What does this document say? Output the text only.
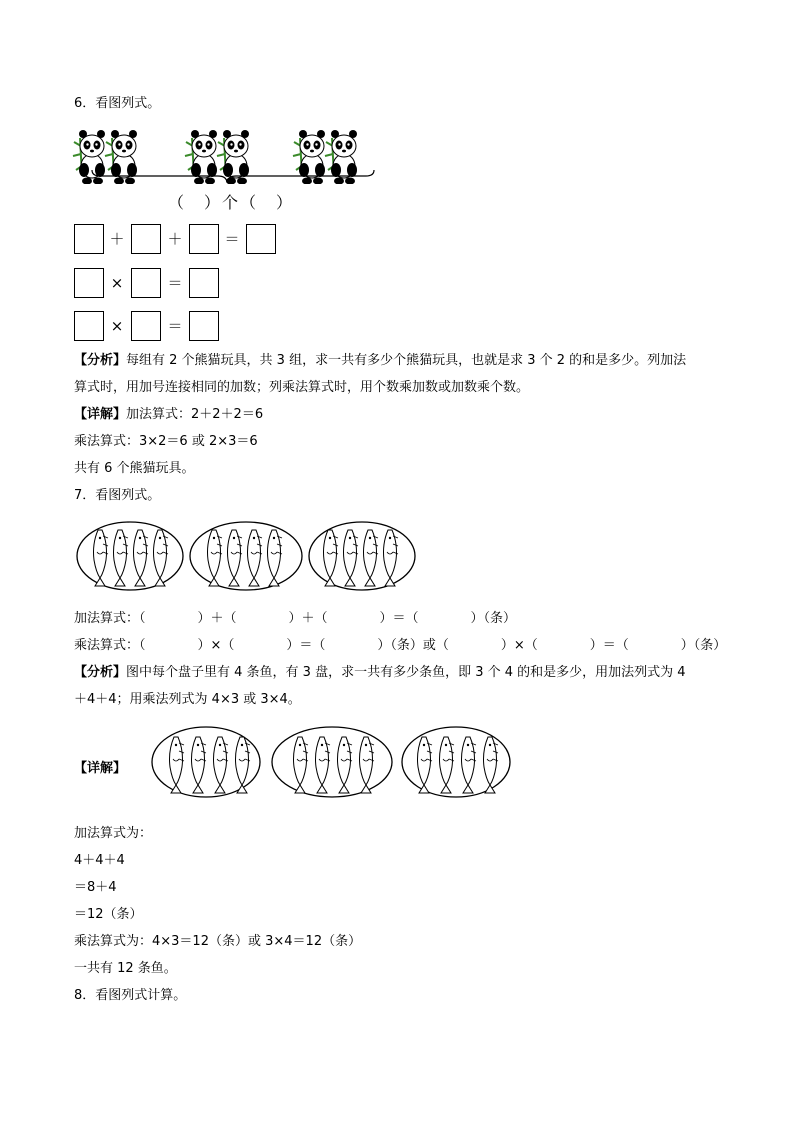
6．看图列式。
（　）个（　）
＋	＋	＝
×	＝
×	＝
【分析】每组有 2 个熊猫玩具，共 3 组，求一共有多少个熊猫玩具，也就是求 3 个 2 的和是多少。列加法
算式时，用加号连接相同的加数；列乘法算式时，用个数乘加数或加数乘个数。
【详解】加法算式：2＋2＋2＝6
乘法算式：3×2＝6 或 2×3＝6
共有 6 个熊猫玩具。
7．看图列式。
加法算式：（　　　　）＋（　　　　）＋（　　　　）＝（　　　　）（条）
乘法算式：（　　　　）×（　　　　）＝（　　　　）（条）或（　　　　）×（　　　　）＝（　　　　）（条）
【分析】图中每个盘子里有 4 条鱼，有 3 盘，求一共有多少条鱼，即 3 个 4 的和是多少，用加法列式为 4
＋4＋4；用乘法列式为 4×3 或 3×4。
【详解】
加法算式为：
4＋4＋4
＝8＋4
＝12（条）
乘法算式为：4×3＝12（条）或 3×4＝12（条）
一共有 12 条鱼。
8．看图列式计算。
